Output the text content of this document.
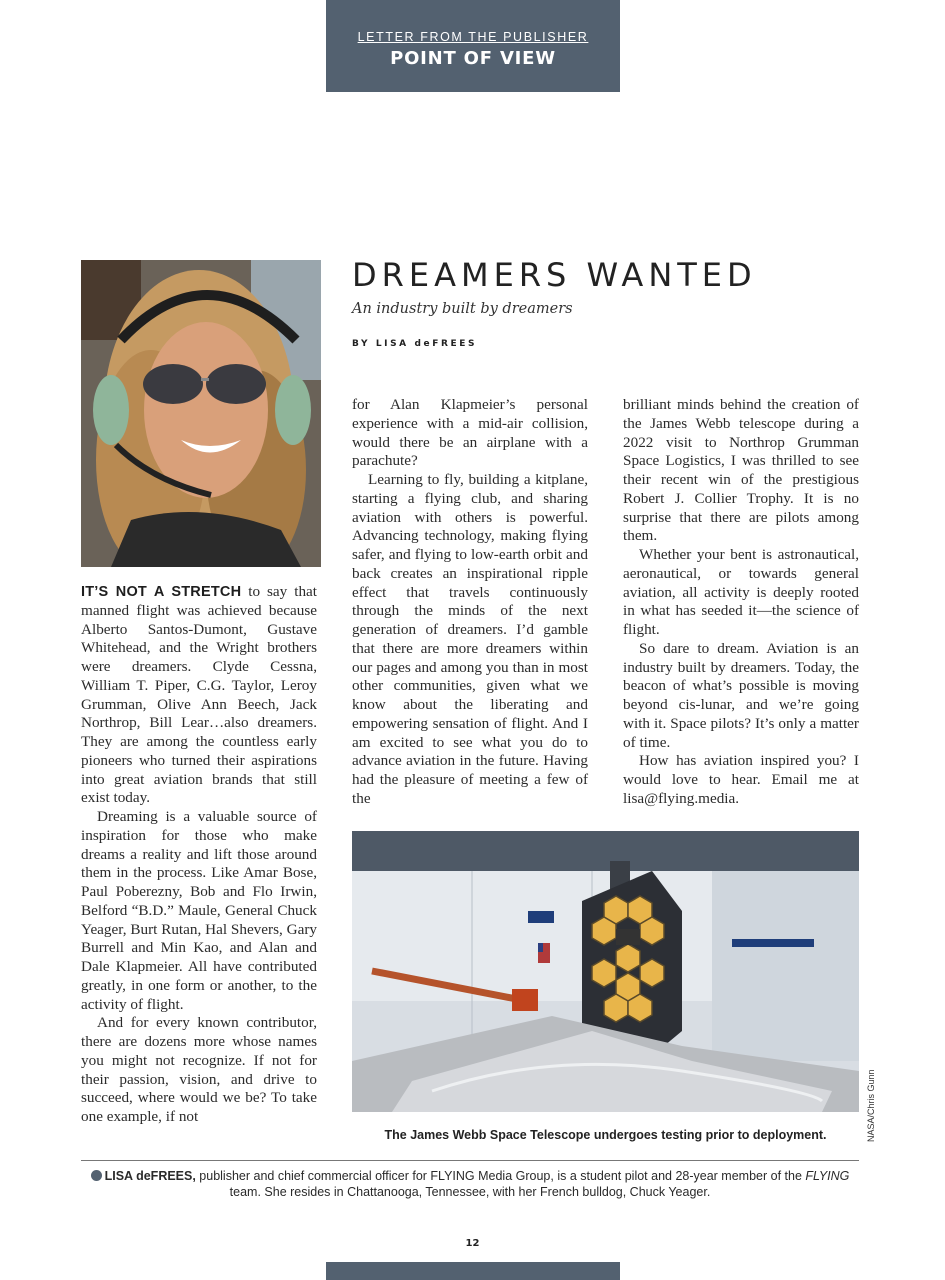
LETTER FROM THE PUBLISHER
POINT OF VIEW
DREAMERS WANTED
An industry built by dreamers
BY LISA deFREES

IT’S NOT A STRETCH to say that manned flight was achieved because Alberto Santos-Dumont, Gustave Whitehead, and the Wright brothers were dreamers. Clyde Cessna, William T. Piper, C.G. Taylor, Leroy Grumman, Olive Ann Beech, Jack Northrop, Bill Lear…also dreamers. They are among the countless early pioneers who turned their aspirations into great aviation brands that still exist today.

Dreaming is a valuable source of inspiration for those who make dreams a reality and lift those around them in the process. Like Amar Bose, Paul Poberezny, Bob and Flo Irwin, Belford “B.D.” Maule, General Chuck Yeager, Burt Rutan, Hal Shevers, Gary Burrell and Min Kao, and Alan and Dale Klapmeier. All have contributed greatly, in one form or another, to the activity of flight.

And for every known contributor, there are dozens more whose names you might not recognize. If not for their passion, vision, and drive to succeed, where would we be? To take one example, if not

for Alan Klapmeier’s personal experience with a mid-air collision, would there be an airplane with a parachute?

Learning to fly, building a kitplane, starting a flying club, and sharing aviation with others is powerful. Advancing technology, making flying safer, and flying to low-earth orbit and back creates an inspirational ripple effect that travels continuously through the minds of the next generation of dreamers. I’d gamble that there are more dreamers within our pages and among you than in most other communities, given what we know about the liberating and empowering sensation of flight. And I am excited to see what you do to advance aviation in the future. Having had the pleasure of meeting a few of the

brilliant minds behind the creation of the James Webb telescope during a 2022 visit to Northrop Grumman Space Logistics, I was thrilled to see their recent win of the prestigious Robert J. Collier Trophy. It is no surprise that there are pilots among them.

Whether your bent is astronautical, aeronautical, or towards general aviation, all activity is deeply rooted in what has seeded it—the science of flight.

So dare to dream. Aviation is an industry built by dreamers. Today, the beacon of what’s possible is moving beyond cis-lunar, and we’re going with it. Space pilots? It’s only a matter of time.

How has aviation inspired you? I would love to hear. Email me at lisa@flying.media.

NASA/Chris Gunn
The James Webb Space Telescope undergoes testing prior to deployment.
LISA deFREES, publisher and chief commercial officer for FLYING Media Group, is a student pilot and 28-year member of the FLYING team. She resides in Chattanooga, Tennessee, with her French bulldog, Chuck Yeager.
12
